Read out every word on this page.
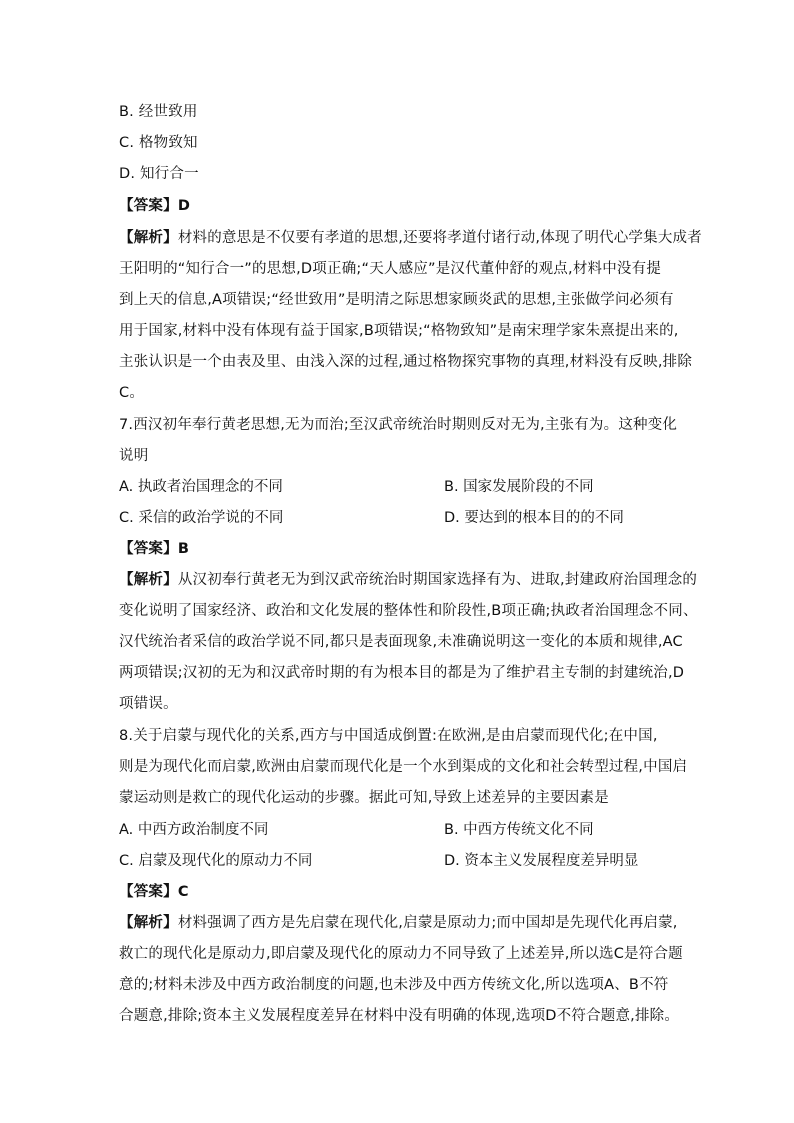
B. 经世致用
C. 格物致知
D. 知行合一
【答案】D
【解析】材料的意思是不仅要有孝道的思想,还要将孝道付诸行动,体现了明代心学集大成者
王阳明的“知行合一”的思想,D项正确;“天人感应”是汉代董仲舒的观点,材料中没有提
到上天的信息,A项错误;“经世致用”是明清之际思想家顾炎武的思想,主张做学问必须有
用于国家,材料中没有体现有益于国家,B项错误;“格物致知”是南宋理学家朱熹提出来的,
主张认识是一个由表及里、由浅入深的过程,通过格物探究事物的真理,材料没有反映,排除
C。
7.西汉初年奉行黄老思想,无为而治;至汉武帝统治时期则反对无为,主张有为。这种变化
说明
A. 执政者治国理念的不同	B. 国家发展阶段的不同
C. 采信的政治学说的不同	D. 要达到的根本目的的不同
【答案】B
【解析】从汉初奉行黄老无为到汉武帝统治时期国家选择有为、进取,封建政府治国理念的
变化说明了国家经济、政治和文化发展的整体性和阶段性,B项正确;执政者治国理念不同、
汉代统治者采信的政治学说不同,都只是表面现象,未准确说明这一变化的本质和规律,AC
两项错误;汉初的无为和汉武帝时期的有为根本目的都是为了维护君主专制的封建统治,D
项错误。
8.关于启蒙与现代化的关系,西方与中国适成倒置:在欧洲,是由启蒙而现代化;在中国,
则是为现代化而启蒙,欧洲由启蒙而现代化是一个水到渠成的文化和社会转型过程,中国启
蒙运动则是救亡的现代化运动的步骤。据此可知,导致上述差异的主要因素是
A. 中西方政治制度不同	B. 中西方传统文化不同
C. 启蒙及现代化的原动力不同	D. 资本主义发展程度差异明显
【答案】C
【解析】材料强调了西方是先启蒙在现代化,启蒙是原动力;而中国却是先现代化再启蒙,
救亡的现代化是原动力,即启蒙及现代化的原动力不同导致了上述差异,所以选C是符合题
意的;材料未涉及中西方政治制度的问题,也未涉及中西方传统文化,所以选项A、B不符
合题意,排除;资本主义发展程度差异在材料中没有明确的体现,选项D不符合题意,排除。
